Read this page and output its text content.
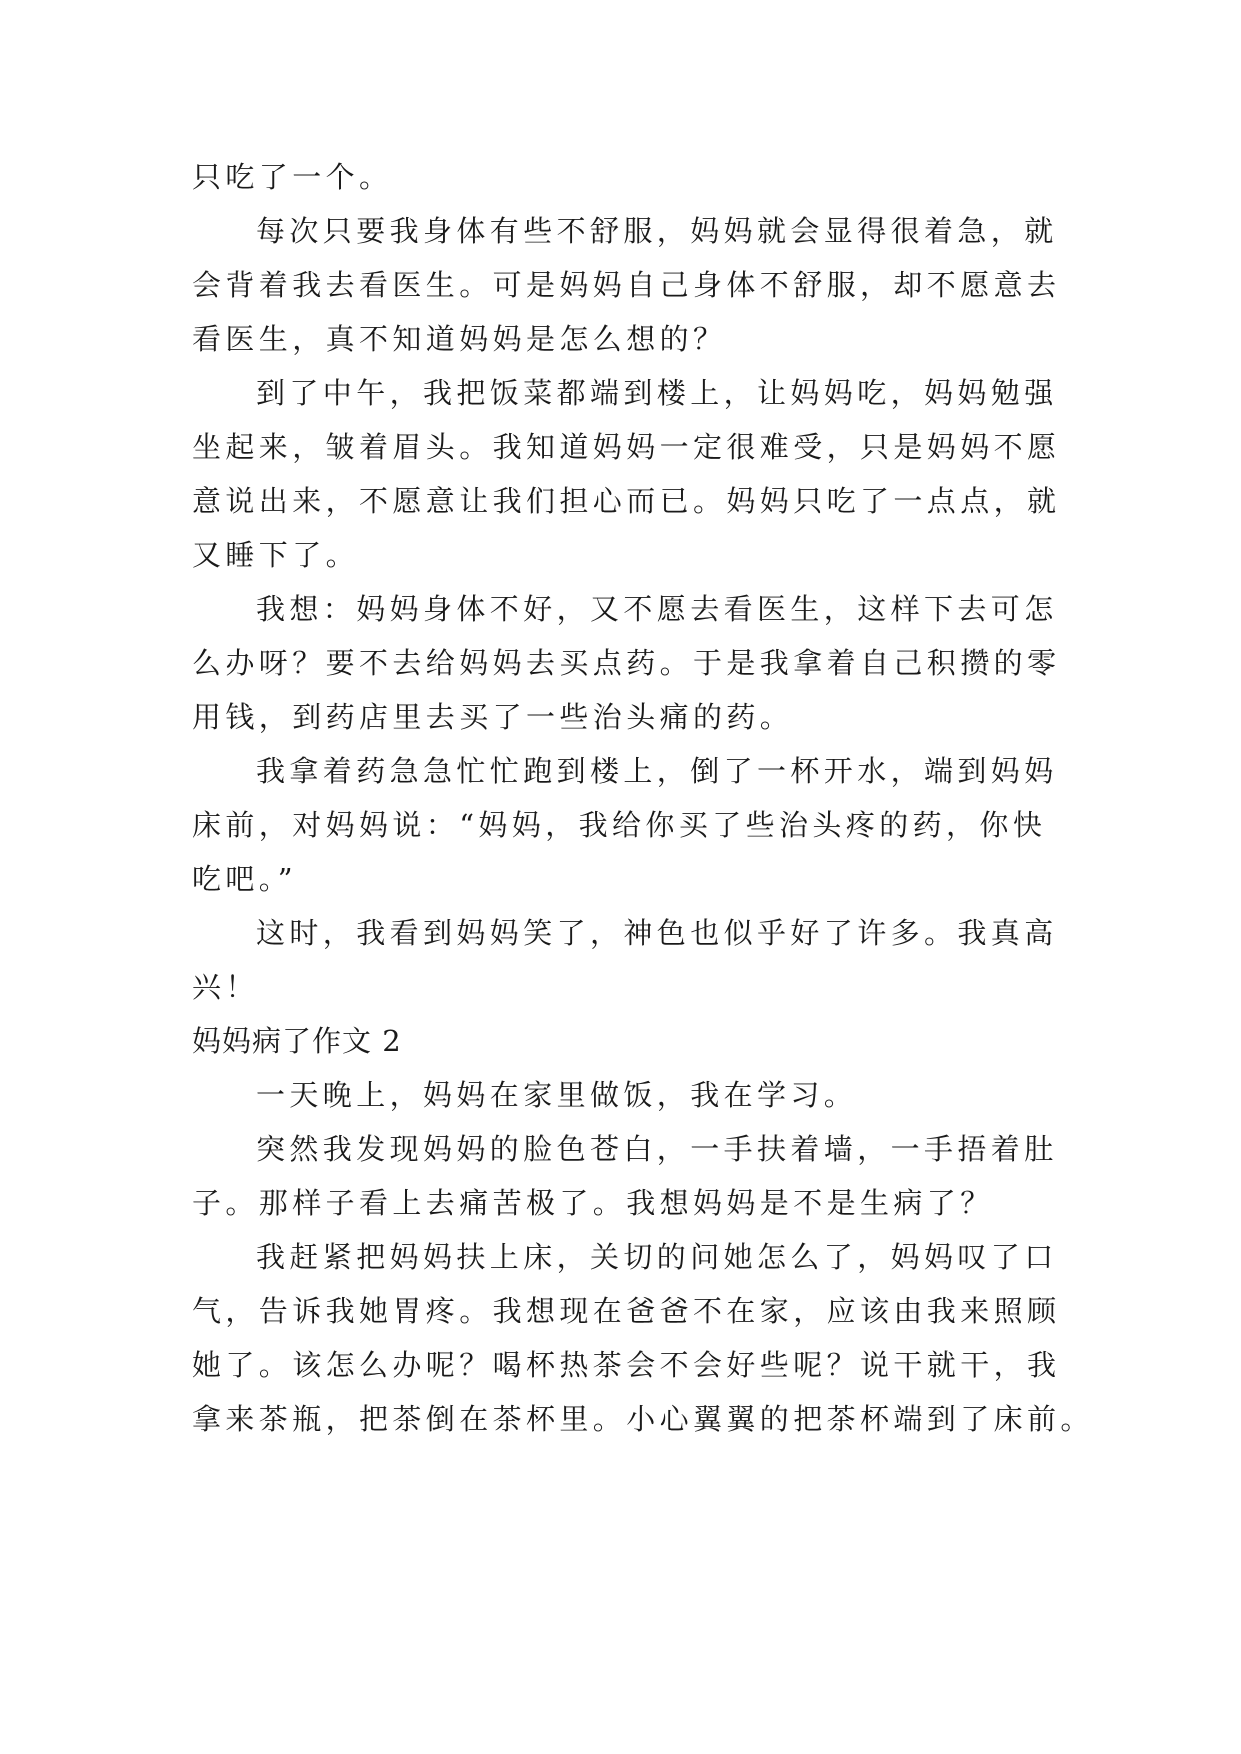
只吃了一个。
每次只要我身体有些不舒服，妈妈就会显得很着急，就
会背着我去看医生。可是妈妈自己身体不舒服，却不愿意去
看医生，真不知道妈妈是怎么想的？
到了中午，我把饭菜都端到楼上，让妈妈吃，妈妈勉强
坐起来，皱着眉头。我知道妈妈一定很难受，只是妈妈不愿
意说出来，不愿意让我们担心而已。妈妈只吃了一点点，就
又睡下了。
我想：妈妈身体不好，又不愿去看医生，这样下去可怎
么办呀？要不去给妈妈去买点药。于是我拿着自己积攒的零
用钱，到药店里去买了一些治头痛的药。
我拿着药急急忙忙跑到楼上，倒了一杯开水，端到妈妈
床前，对妈妈说：“妈妈，我给你买了些治头疼的药，你快
吃吧。”
这时，我看到妈妈笑了，神色也似乎好了许多。我真高
兴！
妈妈病了作文 2
一天晚上，妈妈在家里做饭，我在学习。
突然我发现妈妈的脸色苍白，一手扶着墙，一手捂着肚
子。那样子看上去痛苦极了。我想妈妈是不是生病了？
我赶紧把妈妈扶上床，关切的问她怎么了，妈妈叹了口
气，告诉我她胃疼。我想现在爸爸不在家，应该由我来照顾
她了。该怎么办呢？喝杯热茶会不会好些呢？说干就干，我
拿来茶瓶，把茶倒在茶杯里。小心翼翼的把茶杯端到了床前。
